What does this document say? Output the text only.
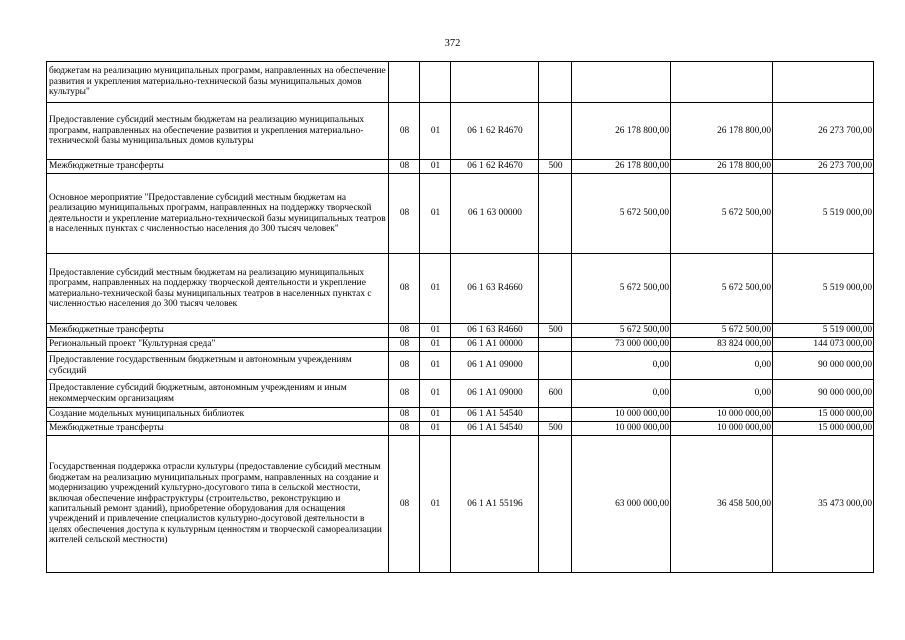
372
бюджетам на реализацию муниципальных программ, направленных на обеспечение развития и укрепления материально-технической базы муниципальных домов культуры"							
Предоставление субсидий местным бюджетам на реализацию муниципальных программ, направленных на обеспечение развития и укрепления материально-технической базы муниципальных домов культуры	08	01	06 1 62 R4670		26 178 800,00	26 178 800,00	26 273 700,00
Межбюджетные трансферты	08	01	06 1 62 R4670	500	26 178 800,00	26 178 800,00	26 273 700,00
Основное мероприятие "Предоставление субсидий местным бюджетам на реализацию муниципальных программ, направленных на поддержку творческой деятельности и укрепление материально-технической базы муниципальных театров в населенных пунктах с численностью населения до 300 тысяч человек"	08	01	06 1 63 00000		5 672 500,00	5 672 500,00	5 519 000,00
Предоставление субсидий местным бюджетам на реализацию муниципальных программ, направленных на поддержку творческой деятельности и укрепление материально-технической базы муниципальных театров в населенных пунктах с численностью населения до 300 тысяч человек	08	01	06 1 63 R4660		5 672 500,00	5 672 500,00	5 519 000,00
Межбюджетные трансферты	08	01	06 1 63 R4660	500	5 672 500,00	5 672 500,00	5 519 000,00
Региональный проект "Культурная среда"	08	01	06 1 A1 00000		73 000 000,00	83 824 000,00	144 073 000,00
Предоставление государственным бюджетным и автономным учреждениям субсидий	08	01	06 1 A1 09000		0,00	0,00	90 000 000,00
Предоставление субсидий бюджетным, автономным учреждениям и иным некоммерческим организациям	08	01	06 1 A1 09000	600	0,00	0,00	90 000 000,00
Создание модельных муниципальных библиотек	08	01	06 1 A1 54540		10 000 000,00	10 000 000,00	15 000 000,00
Межбюджетные трансферты	08	01	06 1 A1 54540	500	10 000 000,00	10 000 000,00	15 000 000,00
Государственная поддержка отрасли культуры (предоставление субсидий местным бюджетам на реализацию муниципальных программ, направленных на создание и модернизацию учреждений культурно-досугового типа в сельской местности, включая обеспечение инфраструктуры (строительство, реконструкцию и капитальный ремонт зданий), приобретение оборудования для оснащения учреждений и привлечение специалистов культурно-досуговой деятельности в целях обеспечения доступа к культурным ценностям и творческой самореализации жителей сельской местности)	08	01	06 1 A1 55196		63 000 000,00	36 458 500,00	35 473 000,00
